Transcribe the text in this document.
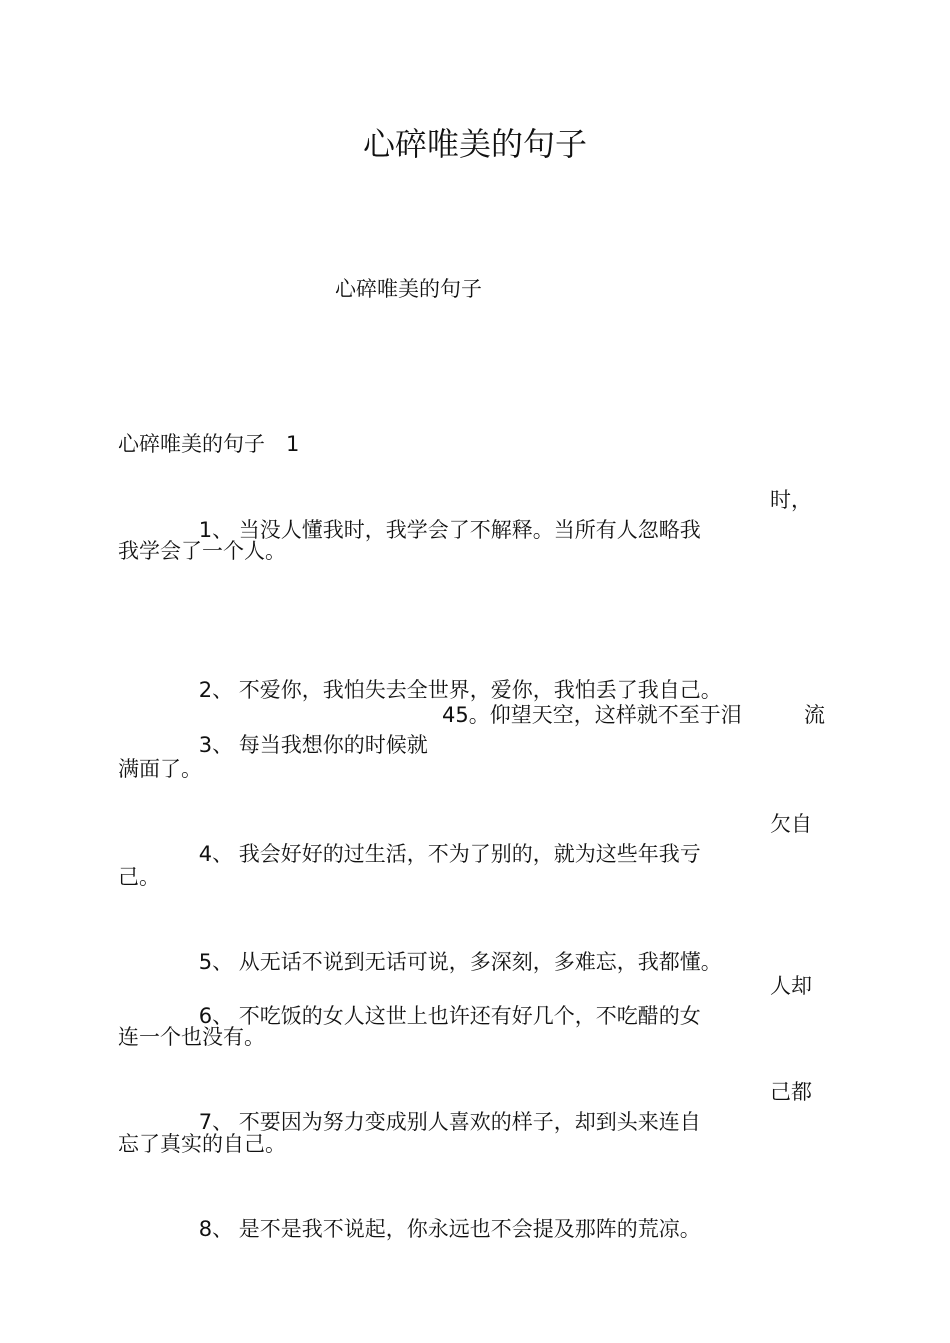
心碎唯美的句子
心碎唯美的句子
心碎唯美的句子　1

1、 当没人懂我时，我学会了不解释。当所有人忽略我

时，
我学会了一个人。

2、 不爱你，我怕失去全世界，爱你，我怕丢了我自己。

3、 每当我想你的时候就

45。仰望天空，这样就不至于泪	流
满面了。

4、 我会好好的过生活，不为了别的，就为这些年我亏

欠自
己。

5、 从无话不说到无话可说，多深刻，多难忘，我都懂。

6、 不吃饭的女人这世上也许还有好几个，不吃醋的女

人却
连一个也没有。

7、 不要因为努力变成别人喜欢的样子，却到头来连自

己都
忘了真实的自己。

8、 是不是我不说起，你永远也不会提及那阵的荒凉。
